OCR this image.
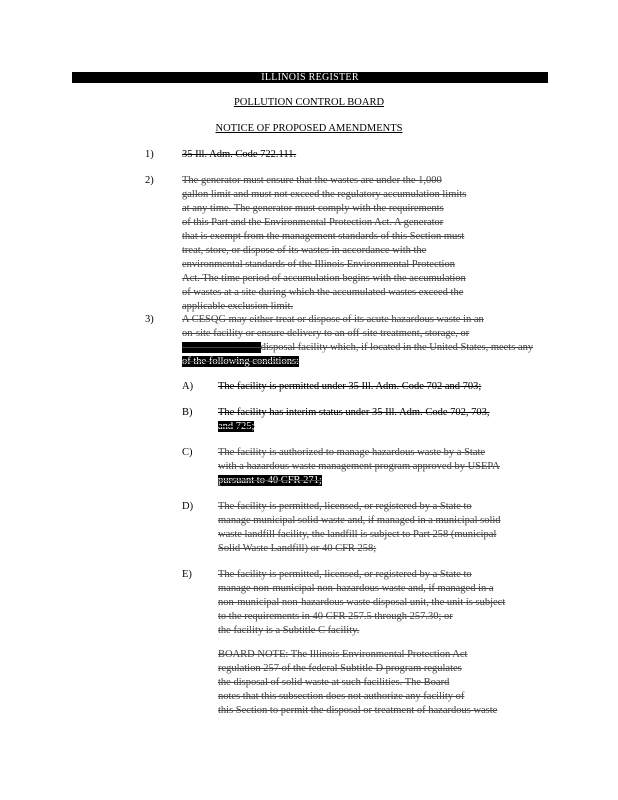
ILLINOIS REGISTER
POLLUTION CONTROL BOARD
NOTICE OF PROPOSED AMENDMENTS
1)	35 Ill. Adm. Code 722.111.
2)	The generator must ensure that the wastes are under the 1,000

gallon limit and must not exceed the regulatory accumulation limits

at any time. The generator must comply with the requirements

of this Part and the Environmental Protection Act. A generator

that is exempt from the management standards of this Section must

treat, store, or dispose of its wastes in accordance with the

environmental standards of the Illinois Environmental Protection

Act. The time period of accumulation begins with the accumulation

of wastes at a site during which the accumulated wastes exceed the

applicable exclusion limit.

3)	A CESQG may either treat or dispose of its acute hazardous waste in an

on-site facility or ensure delivery to an off-site treatment, storage, or

disposal facility which, if located in the United States, meets any

of the following conditions:

A) The facility is permitted under 35 Ill. Adm. Code 702 and 703;
B) The facility has interim status under 35 Ill. Adm. Code 702, 703,

and 725;

C) The facility is authorized to manage hazardous waste by a State

with a hazardous waste management program approved by USEPA

pursuant to 40 CFR 271;

D) The facility is permitted, licensed, or registered by a State to

manage municipal solid waste and, if managed in a municipal solid

waste landfill facility, the landfill is subject to Part 258 (municipal

Solid Waste Landfill) or 40 CFR 258;

E) The facility is permitted, licensed, or registered by a State to

manage non-municipal non-hazardous waste and, if managed in a

non-municipal non-hazardous waste disposal unit, the unit is subject

to the requirements in 40 CFR 257.5 through 257.30; or

the facility is a Subtitle C facility.

BOARD NOTE: The Illinois Environmental Protection Act

regulation 257 of the federal Subtitle D program regulates

the disposal of solid waste at such facilities. The Board

notes that this subsection does not authorize any facility of

this Section to permit the disposal or treatment of hazardous waste
